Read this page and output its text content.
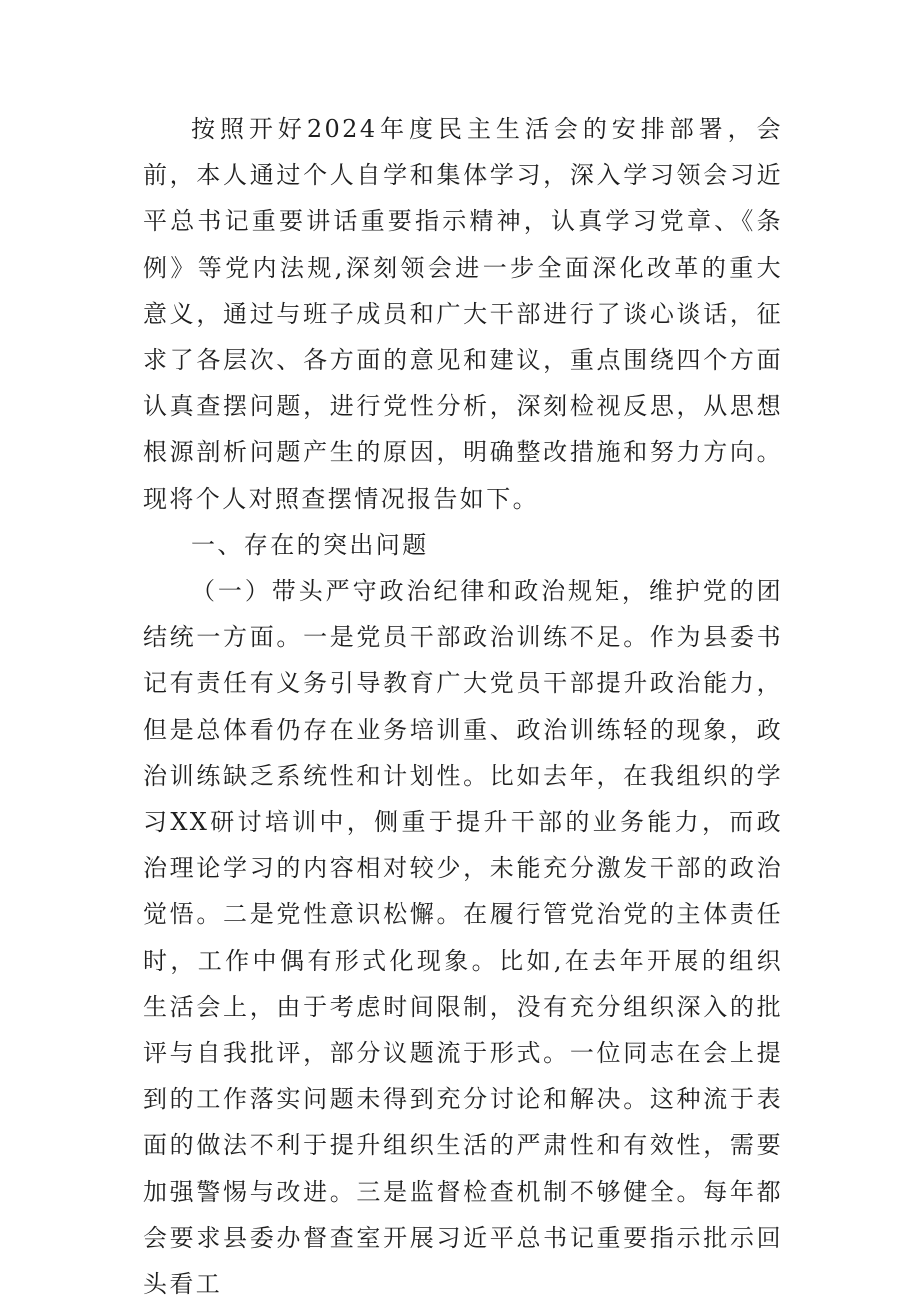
按照开好2024年度民主生活会的安排部署，会前，本人通过个人自学和集体学习，深入学习领会习近平总书记重要讲话重要指示精神，认真学习党章、《条例》等党内法规,深刻领会进一步全面深化改革的重大意义，通过与班子成员和广大干部进行了谈心谈话，征求了各层次、各方面的意见和建议，重点围绕四个方面认真查摆问题，进行党性分析，深刻检视反思，从思想根源剖析问题产生的原因，明确整改措施和努力方向。现将个人对照查摆情况报告如下。

一、存在的突出问题

（一）带头严守政治纪律和政治规矩，维护党的团结统一方面。一是党员干部政治训练不足。作为县委书记有责任有义务引导教育广大党员干部提升政治能力，但是总体看仍存在业务培训重、政治训练轻的现象，政治训练缺乏系统性和计划性。比如去年，在我组织的学习XX研讨培训中，侧重于提升干部的业务能力，而政治理论学习的内容相对较少，未能充分激发干部的政治觉悟。二是党性意识松懈。在履行管党治党的主体责任时，工作中偶有形式化现象。比如,在去年开展的组织生活会上，由于考虑时间限制，没有充分组织深入的批评与自我批评，部分议题流于形式。一位同志在会上提到的工作落实问题未得到充分讨论和解决。这种流于表面的做法不利于提升组织生活的严肃性和有效性，需要加强警惕与改进。三是监督检查机制不够健全。每年都会要求县委办督查室开展习近平总书记重要指示批示回头看工
